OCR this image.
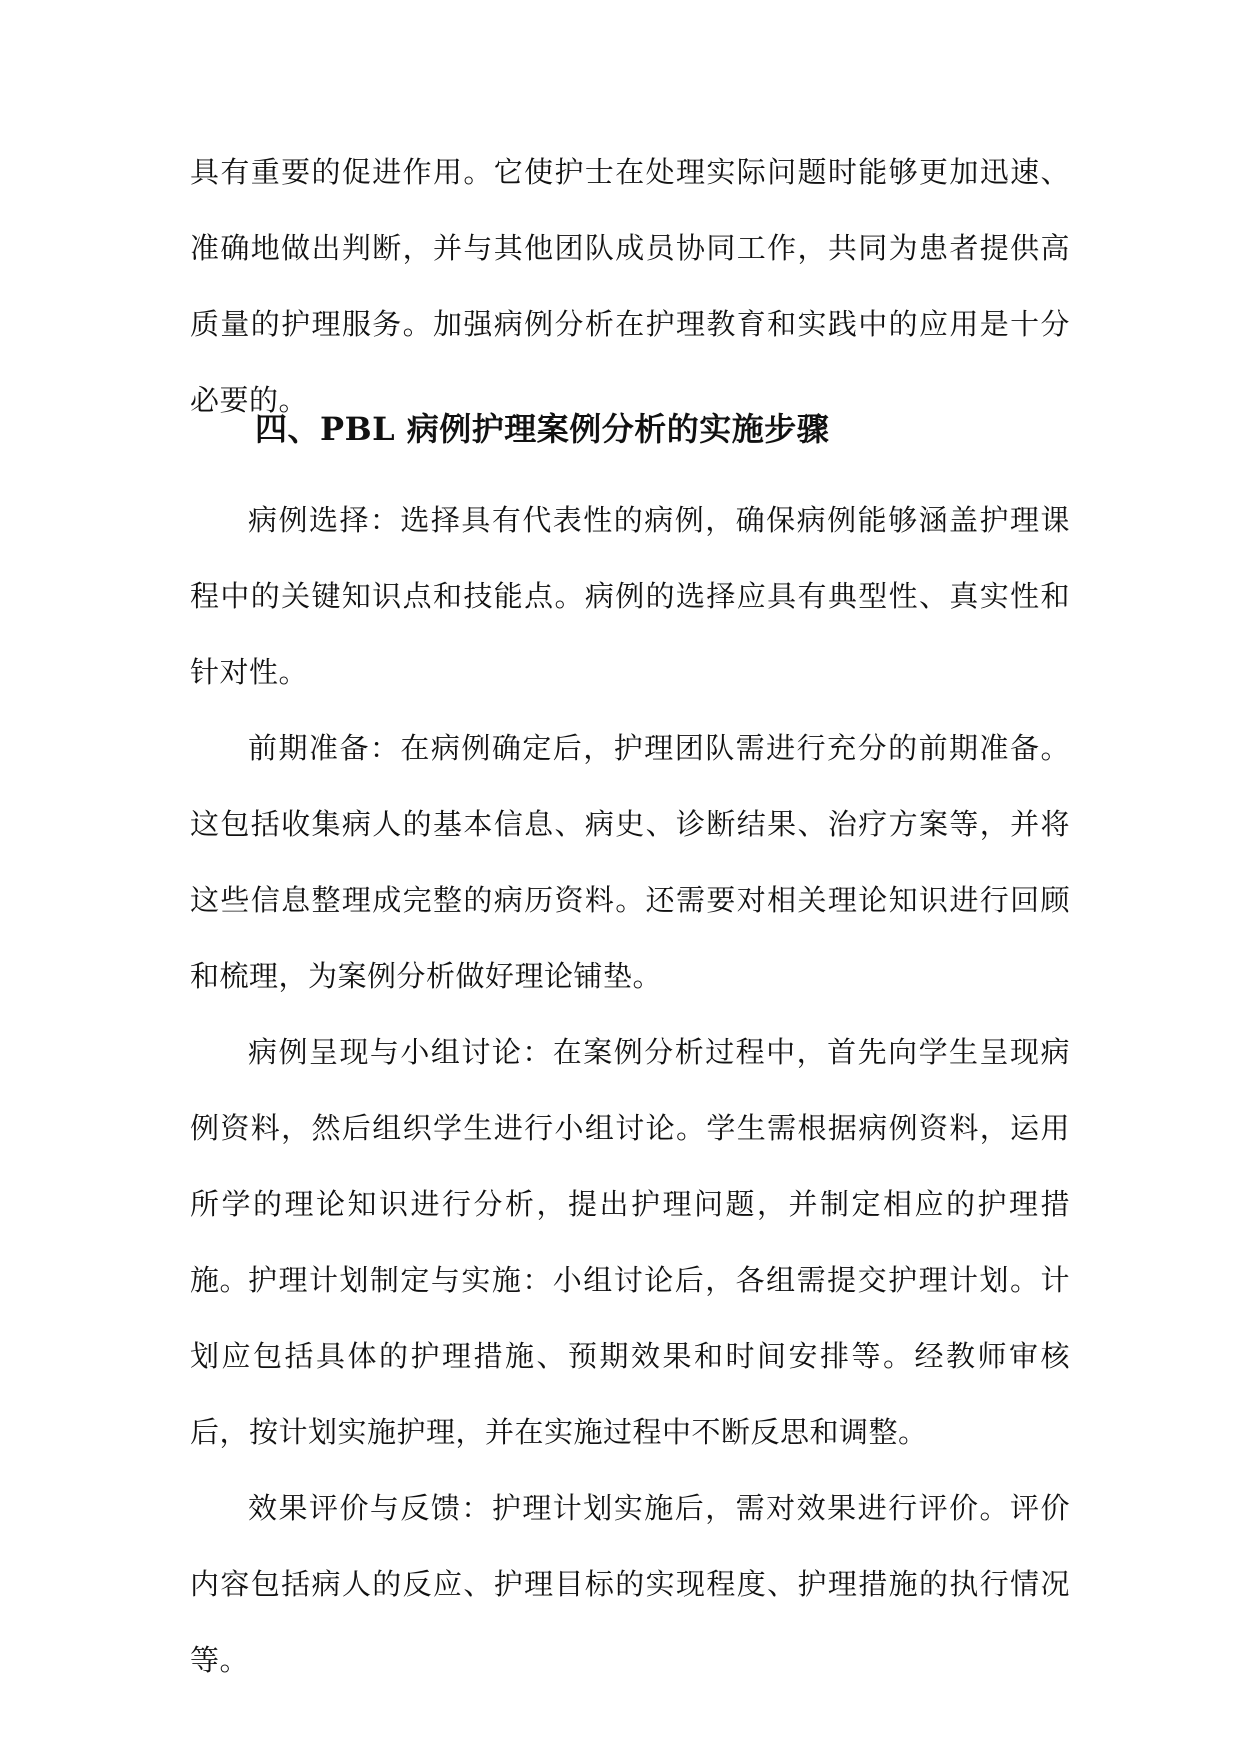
具有重要的促进作用。它使护士在处理实际问题时能够更加迅速、准确地做出判断，并与其他团队成员协同工作，共同为患者提供高质量的护理服务。加强病例分析在护理教育和实践中的应用是十分必要的。

四、PBL 病例护理案例分析的实施步骤

病例选择：选择具有代表性的病例，确保病例能够涵盖护理课程中的关键知识点和技能点。病例的选择应具有典型性、真实性和针对性。

前期准备：在病例确定后，护理团队需进行充分的前期准备。这包括收集病人的基本信息、病史、诊断结果、治疗方案等，并将这些信息整理成完整的病历资料。还需要对相关理论知识进行回顾和梳理，为案例分析做好理论铺垫。

病例呈现与小组讨论：在案例分析过程中，首先向学生呈现病例资料，然后组织学生进行小组讨论。学生需根据病例资料，运用所学的理论知识进行分析，提出护理问题，并制定相应的护理措施。

护理计划制定与实施：小组讨论后，各组需提交护理计划。计划应包括具体的护理措施、预期效果和时间安排等。经教师审核后，按计划实施护理，并在实施过程中不断反思和调整。

效果评价与反馈：护理计划实施后，需对效果进行评价。评价内容包括病人的反应、护理目标的实现程度、护理措施的执行情况等。
